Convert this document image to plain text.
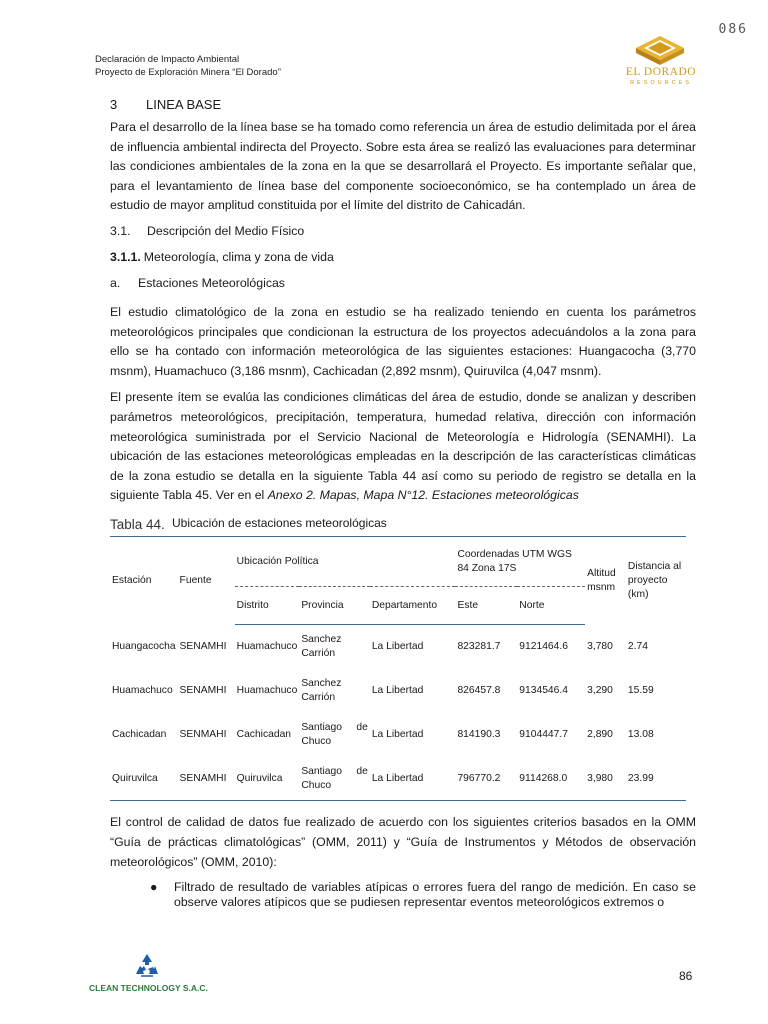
086
Declaración de Impacto Ambiental
Proyecto de Exploración Minera “El Dorado”	EL DORADO
RESOURCES
3 LINEA BASE

Para el desarrollo de la línea base se ha tomado como referencia un área de estudio delimitada por el área de influencia ambiental indirecta del Proyecto. Sobre esta área se realizó las evaluaciones para determinar las condiciones ambientales de la zona en la que se desarrollará el Proyecto. Es importante señalar que, para el levantamiento de línea base del componente socioeconómico, se ha contemplado un área de estudio de mayor amplitud constituida por el límite del distrito de Cahicadán.

3.1. Descripción del Medio Físico
3.1.1. Meteorología, clima y zona de vida
a. Estaciones Meteorológicas

El estudio climatológico de la zona en estudio se ha realizado teniendo en cuenta los parámetros meteorológicos principales que condicionan la estructura de los proyectos adecuándolos a la zona para ello se ha contado con información meteorológica de las siguientes estaciones: Huangacocha (3,770 msnm), Huamachuco (3,186 msnm), Cachicadan (2,892 msnm), Quiruvilca (4,047 msnm).

El presente ítem se evalúa las condiciones climáticas del área de estudio, donde se analizan y describen parámetros meteorológicos, precipitación, temperatura, humedad relativa, dirección con información meteorológica suministrada por el Servicio Nacional de Meteorología e Hidrología (SENAMHI). La ubicación de las estaciones meteorológicas empleadas en la descripción de las características climáticas de la zona estudio se detalla en la siguiente Tabla 44 así como su periodo de registro se detalla en la siguiente Tabla 45. Ver en el Anexo 2. Mapas, Mapa N°12. Estaciones meteorológicas

Tabla 44. Ubicación de estaciones meteorológicas

Estación	Fuente	Ubicación Política			Coordenadas UTM WGS 84 Zona 17S		Altitud msnm	Distancia al proyecto (km)
		Distrito	Provincia	Departamento	Este	Norte		
Huangacocha	SENAMHI	Huamachuco	Sanchez Carrión	La Libertad	823281.7	9121464.6	3,780	2.74
Huamachuco	SENAMHI	Huamachuco	Sanchez Carrión	La Libertad	826457.8	9134546.4	3,290	15.59
Cachicadan	SENMAHI	Cachicadan	Santiago de Chuco	La Libertad	814190.3	9104447.7	2,890	13.08
Quiruvilca	SENAMHI	Quiruvilca	Santiago de Chuco	La Libertad	796770.2	9114268.0	3,980	23.99

El control de calidad de datos fue realizado de acuerdo con los siguientes criterios basados en la OMM “Guía de prácticas climatológicas” (OMM, 2011) y “Guía de Instrumentos y Métodos de observación meteorológicos” (OMM, 2010):

● Filtrado de resultado de variables atípicas o errores fuera del rango de medición. En caso se observe valores atípicos que se pudiesen representar eventos meteorológicos extremos o
CLEAN TECHNOLOGY S.A.C.
86
